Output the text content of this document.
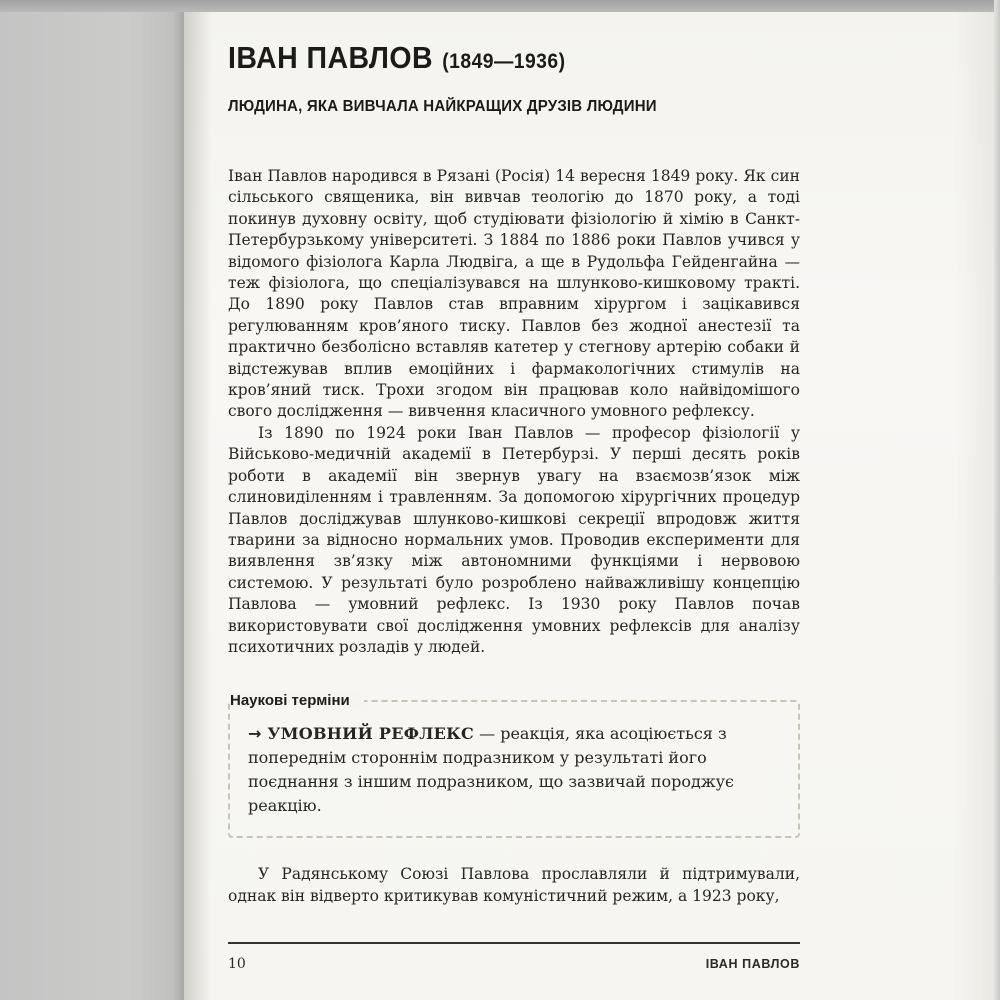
ІВАН ПАВЛОВ (1849—1936)
ЛЮДИНА, ЯКА ВИВЧАЛА НАЙКРАЩИХ ДРУЗІВ ЛЮДИНИ

Іван Павлов народився в Рязані (Росія) 14 вересня 1849 року. Як син сільського священика, він вивчав теологію до 1870 року, а тоді покинув духовну освіту, щоб студіювати фізіологію й хімію в Санкт-Петербурзькому університеті. З 1884 по 1886 роки Павлов учився у відомого фізіолога Карла Людвіга, а ще в Рудольфа Гейденгайна — теж фізіолога, що спеціалізувався на шлунково-кишковому тракті. До 1890 року Павлов став вправним хірургом і зацікавився регулюванням кров’яного тиску. Павлов без жодної анестезії та практично безболісно вставляв катетер у стегнову артерію собаки й відстежував вплив емоційних і фармакологічних стимулів на кров’яний тиск. Трохи згодом він працював коло найвідомішого свого дослідження — вивчення класичного умовного рефлексу.

Із 1890 по 1924 роки Іван Павлов — професор фізіології у Військово-медичній академії в Петербурзі. У перші десять років роботи в академії він звернув увагу на взаємозв’язок між слиновиділенням і травленням. За допомогою хірургічних процедур Павлов досліджував шлунково-кишкові секреції впродовж життя тварини за відносно нормальних умов. Проводив експерименти для виявлення зв’язку між автономними функціями і нервовою системою. У результаті було розроблено найважливішу концепцію Павлова — умовний рефлекс. Із 1930 року Павлов почав використовувати свої дослідження умовних рефлексів для аналізу психотичних розладів у людей.

Наукові терміни

→ УМОВНИЙ РЕФЛЕКС — реакція, яка асоціюється з попереднім стороннім подразником у результаті його поєднання з іншим подразником, що зазвичай породжує реакцію.

У Радянському Союзі Павлова прославляли й підтримували, однак він відверто критикував комуністичний режим, а 1923 року,

10	ІВАН ПАВЛОВ
